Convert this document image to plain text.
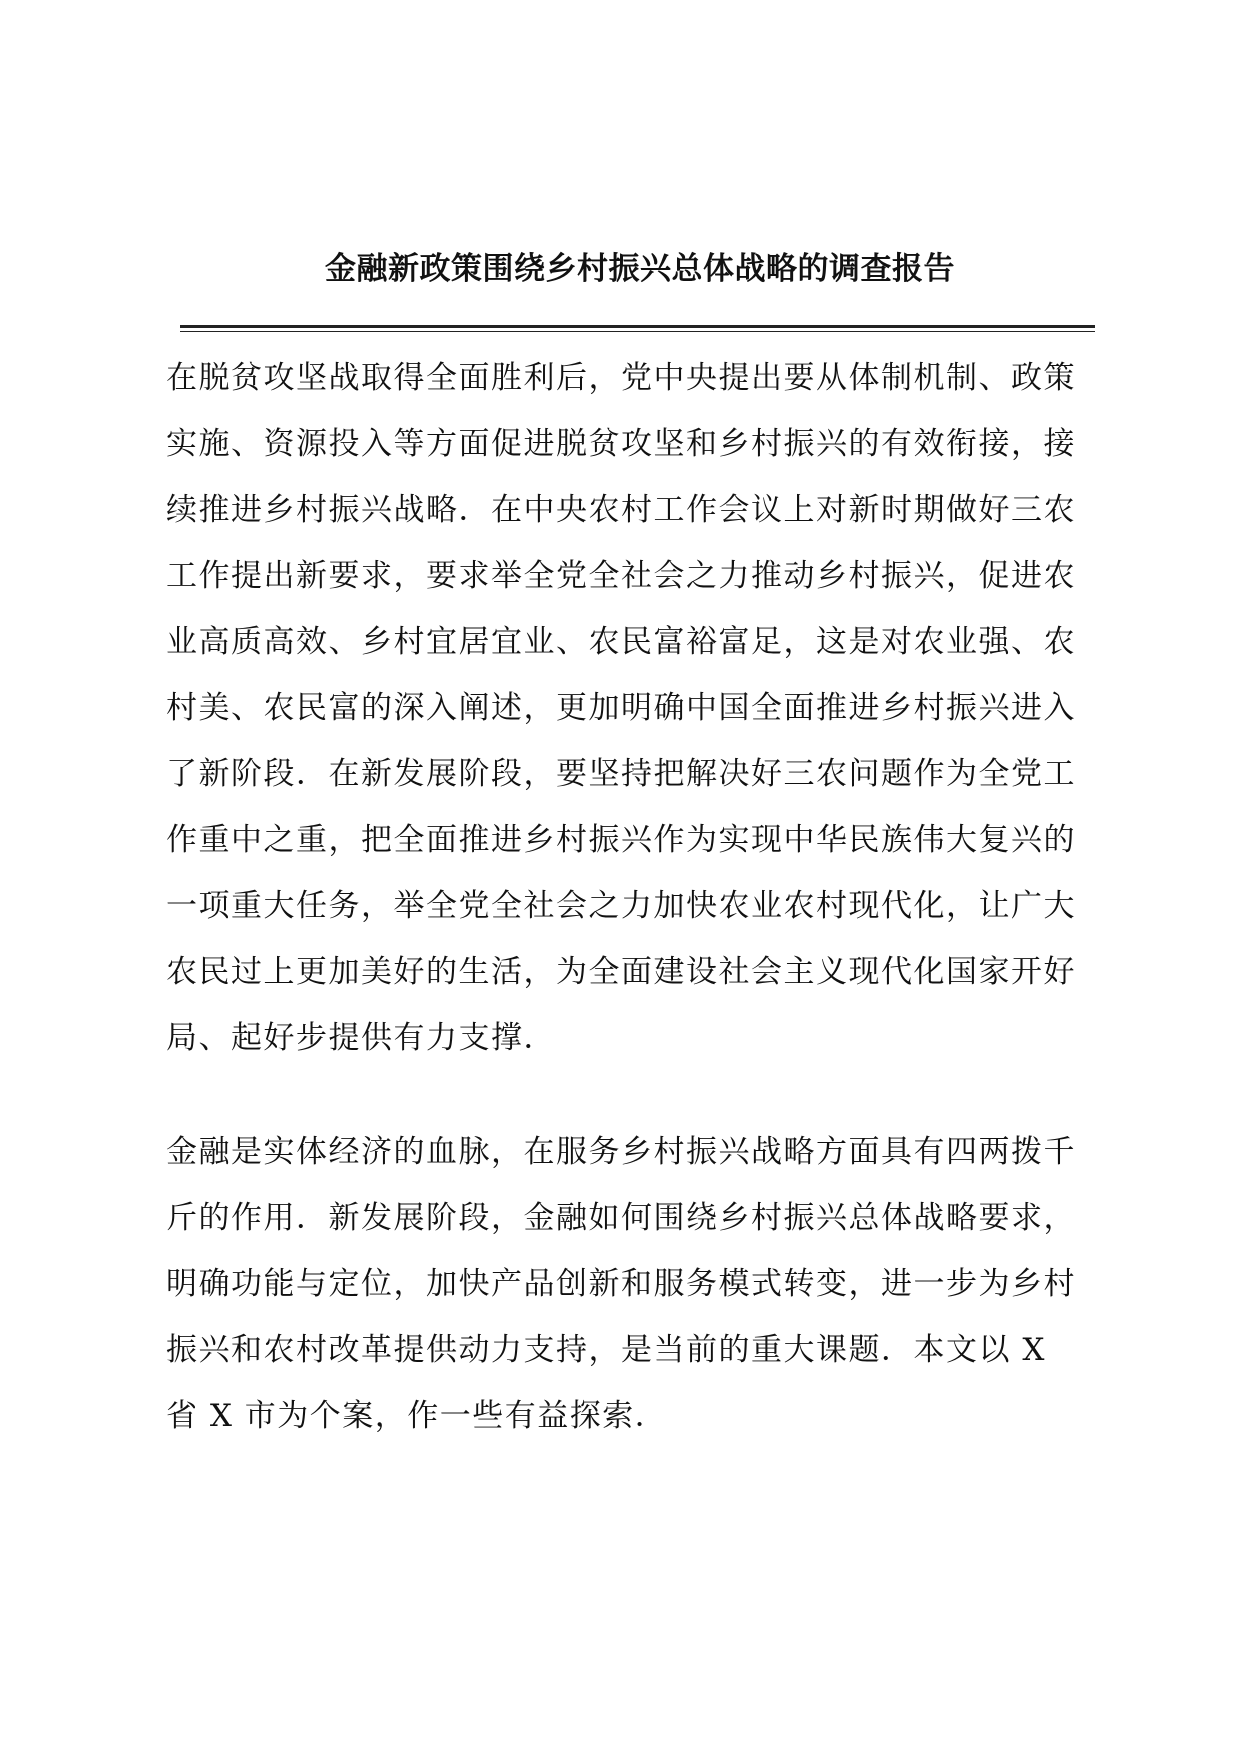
金融新政策围绕乡村振兴总体战略的调查报告
在脱贫攻坚战取得全面胜利后，党中央提出要从体制机制、政策
实施、资源投入等方面促进脱贫攻坚和乡村振兴的有效衔接，接
续推进乡村振兴战略．在中央农村工作会议上对新时期做好三农
工作提出新要求，要求举全党全社会之力推动乡村振兴，促进农
业高质高效、乡村宜居宜业、农民富裕富足，这是对农业强、农
村美、农民富的深入阐述，更加明确中国全面推进乡村振兴进入
了新阶段．在新发展阶段，要坚持把解决好三农问题作为全党工
作重中之重，把全面推进乡村振兴作为实现中华民族伟大复兴的
一项重大任务，举全党全社会之力加快农业农村现代化，让广大
农民过上更加美好的生活，为全面建设社会主义现代化国家开好
局、起好步提供有力支撑．
金融是实体经济的血脉，在服务乡村振兴战略方面具有四两拨千
斤的作用．新发展阶段，金融如何围绕乡村振兴总体战略要求，
明确功能与定位，加快产品创新和服务模式转变，进一步为乡村
振兴和农村改革提供动力支持，是当前的重大课题．本文以 X
省 X 市为个案，作一些有益探索．
